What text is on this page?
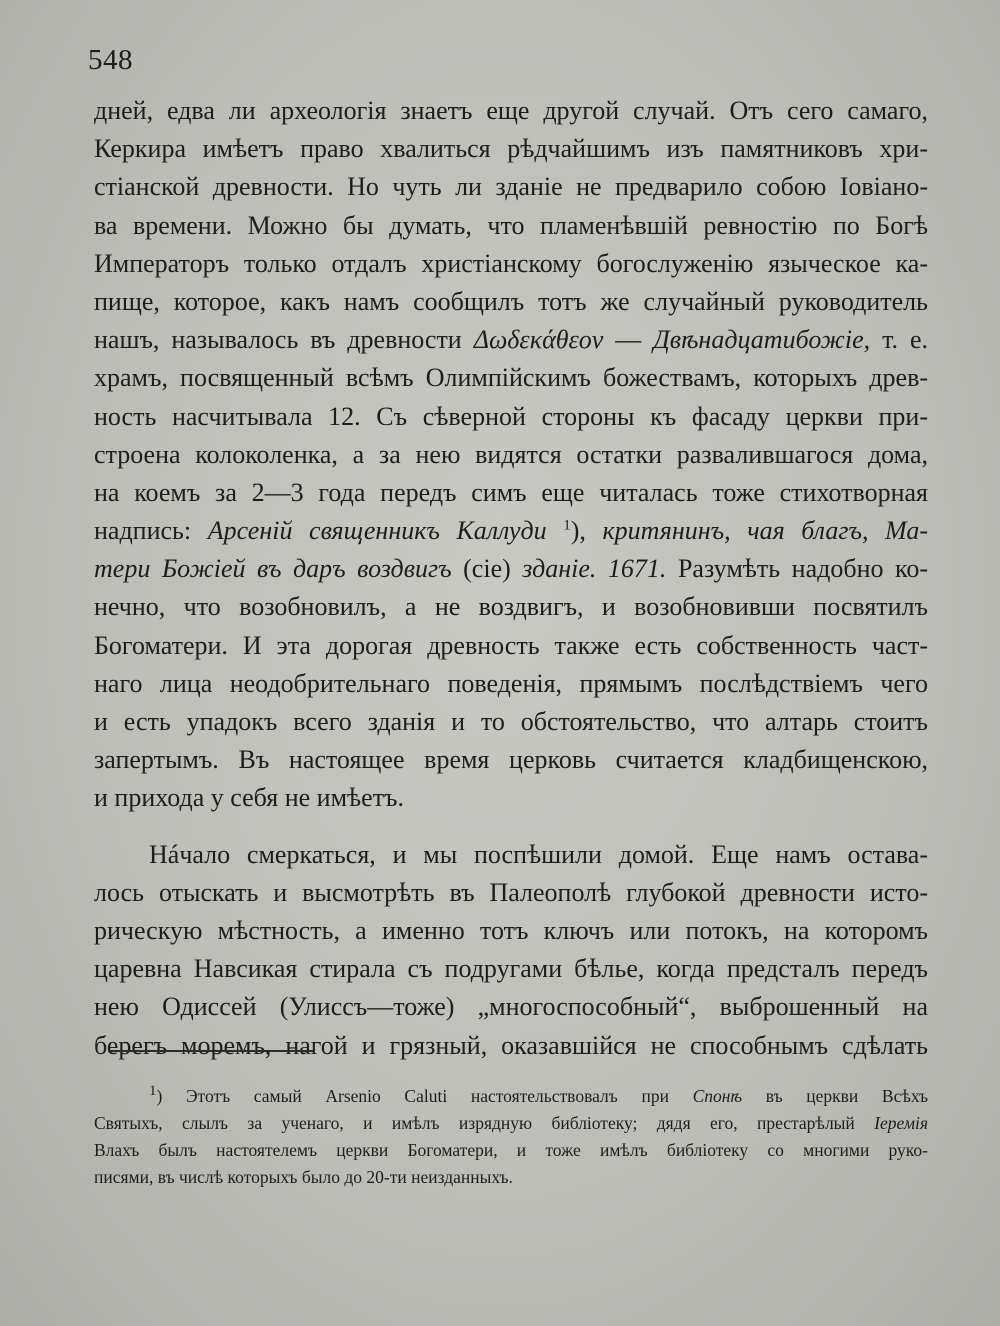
548
дней, едва ли археологія знаетъ еще другой случай. Отъ сего самаго,
Керкира имѣетъ право хвалиться рѣдчайшимъ изъ памятниковъ хри-
стіанской древности. Но чуть ли зданіе не предварило собою Іовіано-
ва времени. Можно бы думать, что пламенѣвшій ревностію по Богѣ
Императоръ только отдалъ христіанскому богослуженію языческое ка-
пище, которое, какъ намъ сообщилъ тотъ же случайный руководитель
нашъ, называлось въ древности Δωδεκάθεον — Двѣнадцатибожіе, т. е.
храмъ, посвященный всѣмъ Олимпійскимъ божествамъ, которыхъ древ-
ность насчитывала 12. Съ сѣверной стороны къ фасаду церкви при-
строена колоколенка, а за нею видятся остатки развалившагося дома,
на коемъ за 2—3 года передъ симъ еще читалась тоже стихотворная
надпись: Арсеній священникъ Каллуди $^1$), критянинъ, чая благъ, Ма-
тери Божіей въ даръ воздвигъ (сіе) зданіе. 1671. Разумѣть надобно ко-
нечно, что возобновилъ, а не воздвигъ, и возобновивши посвятилъ
Богоматери. И эта дорогая древность также есть собственность част-
наго лица неодобрительнаго поведенія, прямымъ послѣдствіемъ чего
и есть упадокъ всего зданія и то обстоятельство, что алтарь стоитъ
запертымъ. Въ настоящее время церковь считается кладбищенскою,
и прихода у себя не имѣетъ.
Нáчало смеркаться, и мы поспѣшили домой. Еще намъ остава-
лось отыскать и высмотрѣть въ Палеополѣ глубокой древности исто-
рическую мѣстность, а именно тотъ ключъ или потокъ, на которомъ
царевна Навсикая стирала съ подругами бѣлье, когда предсталъ передъ
нею Одиссей (Улиссъ—тоже) „многоспособный“, выброшенный на
берегъ моремъ, нагой и грязный, оказавшійся не способнымъ сдѣлать
1) Этотъ самый Arsenio Caluti настоятельствовалъ при Спонѣ въ церкви Всѣхъ
Святыхъ, слылъ за ученаго, и имѣлъ изрядную библіотеку; дядя его, престарѣлый Іеремія
Влахъ былъ настоятелемъ церкви Богоматери, и тоже имѣлъ библіотеку со многими руко-
писями, въ числѣ которыхъ было до 20-ти неизданныхъ.
